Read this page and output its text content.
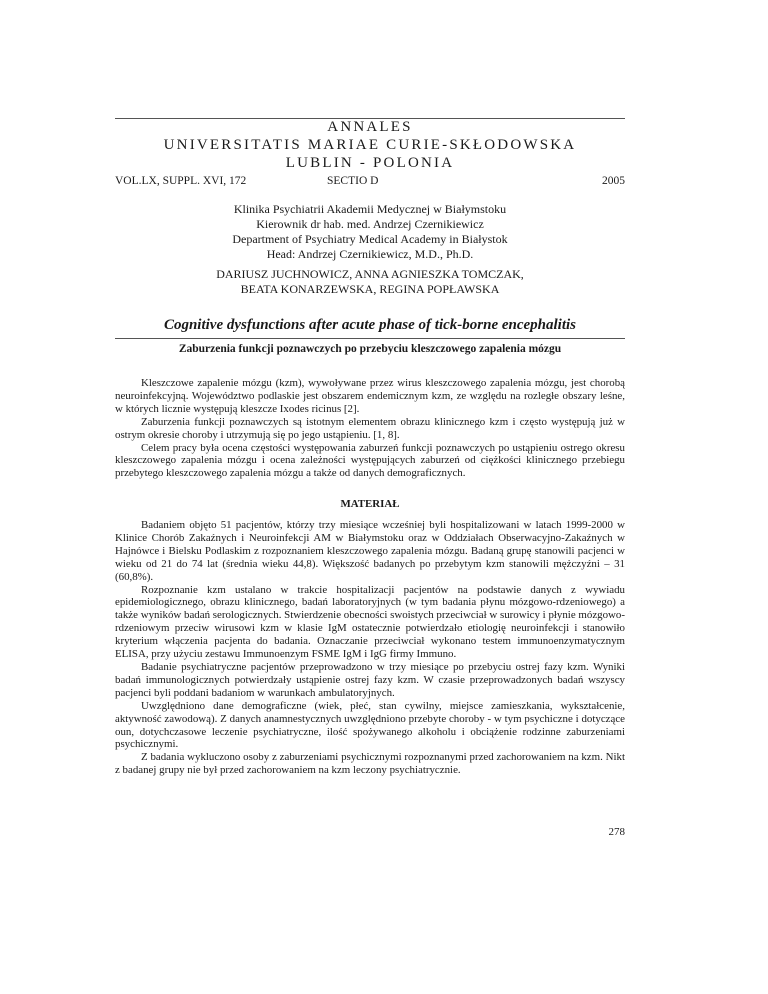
ANNALES
UNIVERSITATIS MARIAE CURIE-SKŁODOWSKA
LUBLIN - POLONIA
VOL.LX, SUPPL. XVI, 172	SECTIO D	2005
Klinika Psychiatrii Akademii Medycznej w Białymstoku
Kierownik dr hab. med. Andrzej Czernikiewicz
Department of Psychiatry Medical Academy in Białystok
Head: Andrzej Czernikiewicz, M.D., Ph.D.
DARIUSZ JUCHNOWICZ, ANNA AGNIESZKA TOMCZAK,
BEATA KONARZEWSKA, REGINA POPŁAWSKA
Cognitive dysfunctions after acute phase of tick-borne encephalitis
Zaburzenia funkcji poznawczych po przebyciu kleszczowego zapalenia mózgu

Kleszczowe zapalenie mózgu (kzm), wywoływane przez wirus kleszczowego zapalenia mózgu, jest chorobą neuroinfekcyjną. Województwo podlaskie jest obszarem endemicznym kzm, ze względu na rozległe obszary leśne, w których licznie występują kleszcze Ixodes ricinus [2].

Zaburzenia funkcji poznawczych są istotnym elementem obrazu klinicznego kzm i często występują już w ostrym okresie choroby i utrzymują się po jego ustąpieniu. [1, 8].

Celem pracy była ocena częstości występowania zaburzeń funkcji poznawczych po ustąpieniu ostrego okresu kleszczowego zapalenia mózgu i ocena zależności występujących zaburzeń od ciężkości klinicznego przebiegu przebytego kleszczowego zapalenia mózgu a także od danych demograficznych.

MATERIAŁ

Badaniem objęto 51 pacjentów, którzy trzy miesiące wcześniej byli hospitalizowani w latach 1999-2000 w Klinice Chorób Zakaźnych i Neuroinfekcji AM w Białymstoku oraz w Oddziałach Obserwacyjno-Zakaźnych w Hajnówce i Bielsku Podlaskim z rozpoznaniem kleszczowego zapalenia mózgu. Badaną grupę stanowili pacjenci w wieku od 21 do 74 lat (średnia wieku 44,8). Większość badanych po przebytym kzm stanowili mężczyźni – 31 (60,8%).

Rozpoznanie kzm ustalano w trakcie hospitalizacji pacjentów na podstawie danych z wywiadu epidemiologicznego, obrazu klinicznego, badań laboratoryjnych (w tym badania płynu mózgowo-rdzeniowego) a także wyników badań serologicznych. Stwierdzenie obecności swoistych przeciwciał w surowicy i płynie mózgowo-rdzeniowym przeciw wirusowi kzm w klasie IgM ostatecznie potwierdzało etiologię neuroinfekcji i stanowiło kryterium włączenia pacjenta do badania. Oznaczanie przeciwciał wykonano testem immunoenzymatycznym ELISA, przy użyciu zestawu Immunoenzym FSME IgM i IgG firmy Immuno.

Badanie psychiatryczne pacjentów przeprowadzono w trzy miesiące po przebyciu ostrej fazy kzm. Wyniki badań immunologicznych potwierdzały ustąpienie ostrej fazy kzm. W czasie przeprowadzonych badań wszyscy pacjenci byli poddani badaniom w warunkach ambulatoryjnych.

Uwzględniono dane demograficzne (wiek, płeć, stan cywilny, miejsce zamieszkania, wykształcenie, aktywność zawodową). Z danych anamnestycznych uwzględniono przebyte choroby - w tym psychiczne i dotyczące oun, dotychczasowe leczenie psychiatryczne, ilość spożywanego alkoholu i obciążenie rodzinne zaburzeniami psychicznymi.

Z badania wykluczono osoby z zaburzeniami psychicznymi rozpoznanymi przed zachorowaniem na kzm. Nikt z badanej grupy nie był przed zachorowaniem na kzm leczony psychiatrycznie.

278
